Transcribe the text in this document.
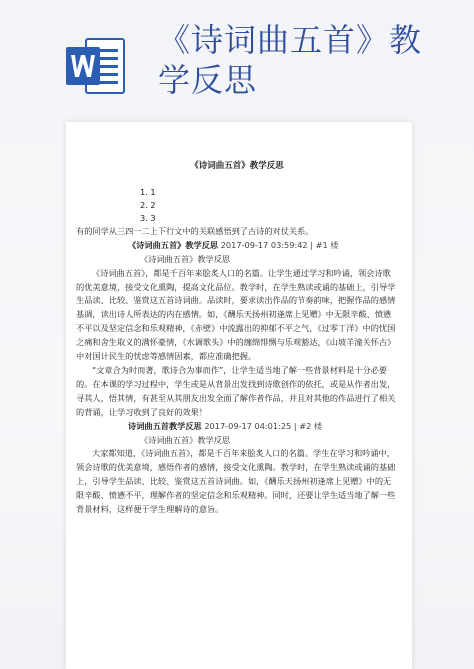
《诗词曲五首》教
学反思
《诗词曲五首》教学反思
1. 1
2. 2
3. 3

有的同学从三四一二上下行文中的关联感悟到了古诗的对仗关系。

《诗词曲五首》教学反思 2017-09-17 03:59:42 | #1 楼
《诗词曲五首》教学反思

《诗词曲五首》，都是千百年来脍炙人口的名篇。让学生通过学习和吟诵，领会诗歌的优美意境，接受文化熏陶，提高文化品位。教学时，在学生熟读或诵的基础上，引导学生品读、比较、鉴赏这五首诗词曲。品读时，要求读出作品的节奏韵味，把握作品的感情基调，读出诗人所表达的内在感情。如，《酬乐天扬州初逢席上见赠》中无限辛酸、愤懑不平以及坚定信念和乐观精神，《赤壁》中流露出的抑郁不平之气，《过零丁洋》中的忧国之痛和舍生取义的满怀豪情，《水调歌头》中的缠绵悱恻与乐观豁达，《山坡羊潼关怀古》中对国计民生的忧虑等感情因素，都应准确把握。

“文章合为时而著，歌诗合为事而作”，让学生适当地了解一些背景材料是十分必要的。在本课的学习过程中，学生或是从背景出发找到诗歌创作的依托，或是从作者出发，寻其人，悟其情，有甚至从其朋友出发全面了解作者作品，并且对其他的作品进行了相关的背诵，让学习收到了良好的效果！

诗词曲五首教学反思 2017-09-17 04:01:25 | #2 楼
《诗词曲五首》教学反思

大家都知道，《诗词曲五首》，都是千百年来脍炙人口的名篇。学生在学习和吟诵中，领会诗歌的优美意境，感悟作者的感情，接受文化熏陶。教学时，在学生熟读或诵的基础上，引导学生品读、比较、鉴赏这五首诗词曲。如，《酬乐天扬州初逢席上见赠》中的无限辛酸、愤懑不平，理解作者的坚定信念和乐观精神。同时，还要让学生适当地了解一些背景材料，这样便于学生理解诗的意旨。
